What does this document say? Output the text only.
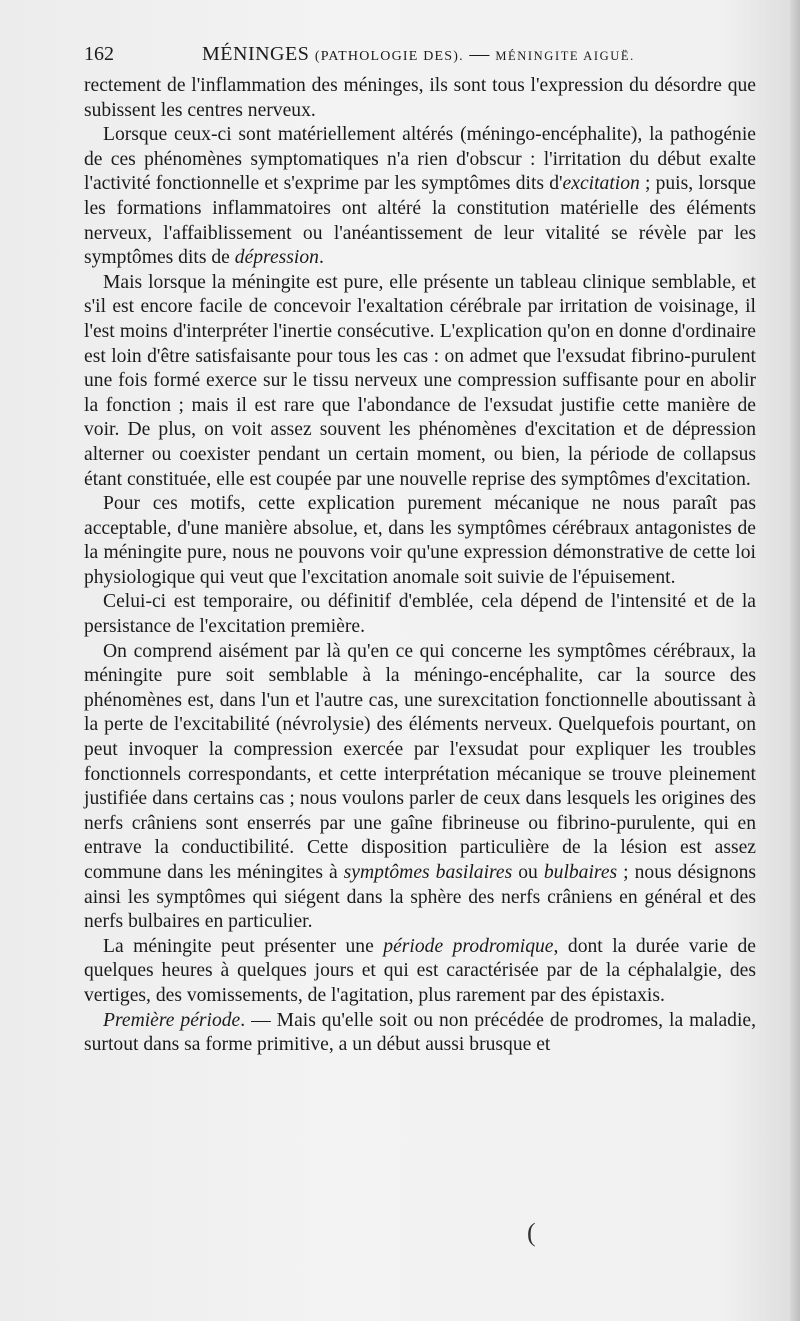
162	MÉNINGES (PATHOLOGIE DES). — MÉNINGITE AIGUË.

rectement de l'inflammation des méninges, ils sont tous l'expression du désordre que subissent les centres nerveux.

Lorsque ceux-ci sont matériellement altérés (méningo-encéphalite), la pathogénie de ces phénomènes symptomatiques n'a rien d'obscur : l'irritation du début exalte l'activité fonctionnelle et s'exprime par les symptômes dits d'excitation ; puis, lorsque les formations inflammatoires ont altéré la constitution matérielle des éléments nerveux, l'affaiblissement ou l'anéantissement de leur vitalité se révèle par les symptômes dits de dépression.

Mais lorsque la méningite est pure, elle présente un tableau clinique semblable, et s'il est encore facile de concevoir l'exaltation cérébrale par irritation de voisinage, il l'est moins d'interpréter l'inertie consécutive. L'explication qu'on en donne d'ordinaire est loin d'être satisfaisante pour tous les cas : on admet que l'exsudat fibrino-purulent une fois formé exerce sur le tissu nerveux une compression suffisante pour en abolir la fonction ; mais il est rare que l'abondance de l'exsudat justifie cette manière de voir. De plus, on voit assez souvent les phénomènes d'excitation et de dépression alterner ou coexister pendant un certain moment, ou bien, la période de collapsus étant constituée, elle est coupée par une nouvelle reprise des symptômes d'excitation.

Pour ces motifs, cette explication purement mécanique ne nous paraît pas acceptable, d'une manière absolue, et, dans les symptômes cérébraux antagonistes de la méningite pure, nous ne pouvons voir qu'une expression démonstrative de cette loi physiologique qui veut que l'excitation anomale soit suivie de l'épuisement.

Celui-ci est temporaire, ou définitif d'emblée, cela dépend de l'intensité et de la persistance de l'excitation première.

On comprend aisément par là qu'en ce qui concerne les symptômes cérébraux, la méningite pure soit semblable à la méningo-encéphalite, car la source des phénomènes est, dans l'un et l'autre cas, une surexcitation fonctionnelle aboutissant à la perte de l'excitabilité (névrolysie) des éléments nerveux. Quelquefois pourtant, on peut invoquer la compression exercée par l'exsudat pour expliquer les troubles fonctionnels correspondants, et cette interprétation mécanique se trouve pleinement justifiée dans certains cas ; nous voulons parler de ceux dans lesquels les origines des nerfs crâniens sont enserrés par une gaîne fibrineuse ou fibrino-purulente, qui en entrave la conductibilité. Cette disposition particulière de la lésion est assez commune dans les méningites à symptômes basilaires ou bulbaires ; nous désignons ainsi les symptômes qui siégent dans la sphère des nerfs crâniens en général et des nerfs bulbaires en particulier.

La méningite peut présenter une période prodromique, dont la durée varie de quelques heures à quelques jours et qui est caractérisée par de la céphalalgie, des vertiges, des vomissements, de l'agitation, plus rarement par des épistaxis.

Première période. — Mais qu'elle soit ou non précédée de prodromes, la maladie, surtout dans sa forme primitive, a un début aussi brusque et

(
